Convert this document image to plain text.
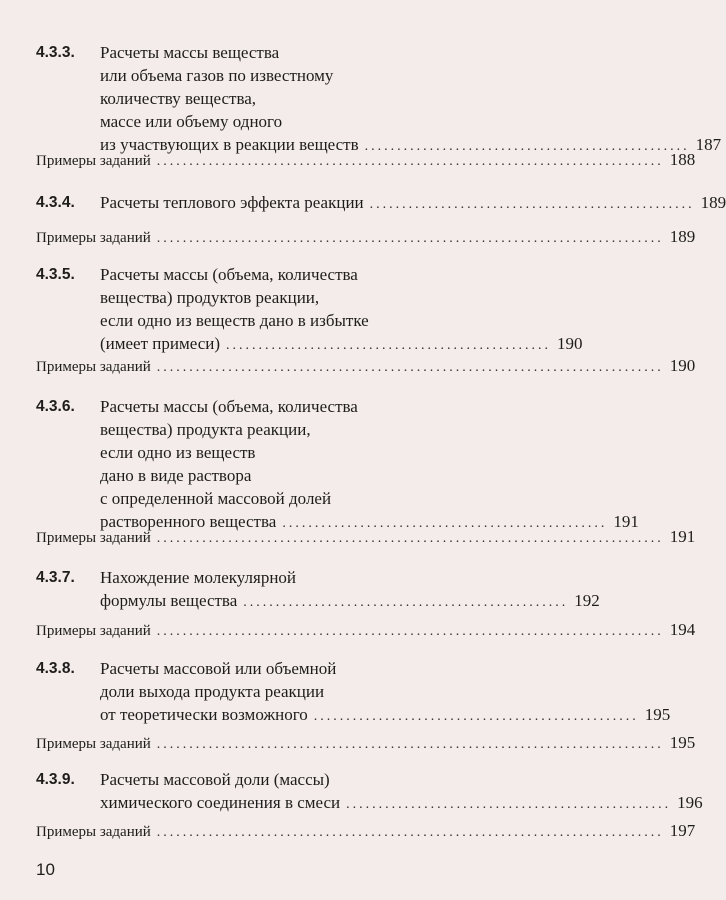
4.3.3. Расчеты массы вещества
или объема газов по известному
количеству вещества,
массе или объему одного
из участвующих в реакции веществ .................................................. 187
Примеры заданий .............................................................................. 188
4.3.4. Расчеты теплового эффекта реакции .................................................. 189
Примеры заданий .............................................................................. 189
4.3.5. Расчеты массы (объема, количества
вещества) продуктов реакции,
если одно из веществ дано в избытке
(имеет примеси) .................................................. 190
Примеры заданий .............................................................................. 190
4.3.6. Расчеты массы (объема, количества
вещества) продукта реакции,
если одно из веществ
дано в виде раствора
с определенной массовой долей
растворенного вещества .................................................. 191
Примеры заданий .............................................................................. 191
4.3.7. Нахождение молекулярной
формулы вещества .................................................. 192
Примеры заданий .............................................................................. 194
4.3.8. Расчеты массовой или объемной
доли выхода продукта реакции
от теоретически возможного .................................................. 195
Примеры заданий .............................................................................. 195
4.3.9. Расчеты массовой доли (массы)
химического соединения в смеси .................................................. 196
Примеры заданий .............................................................................. 197
10
